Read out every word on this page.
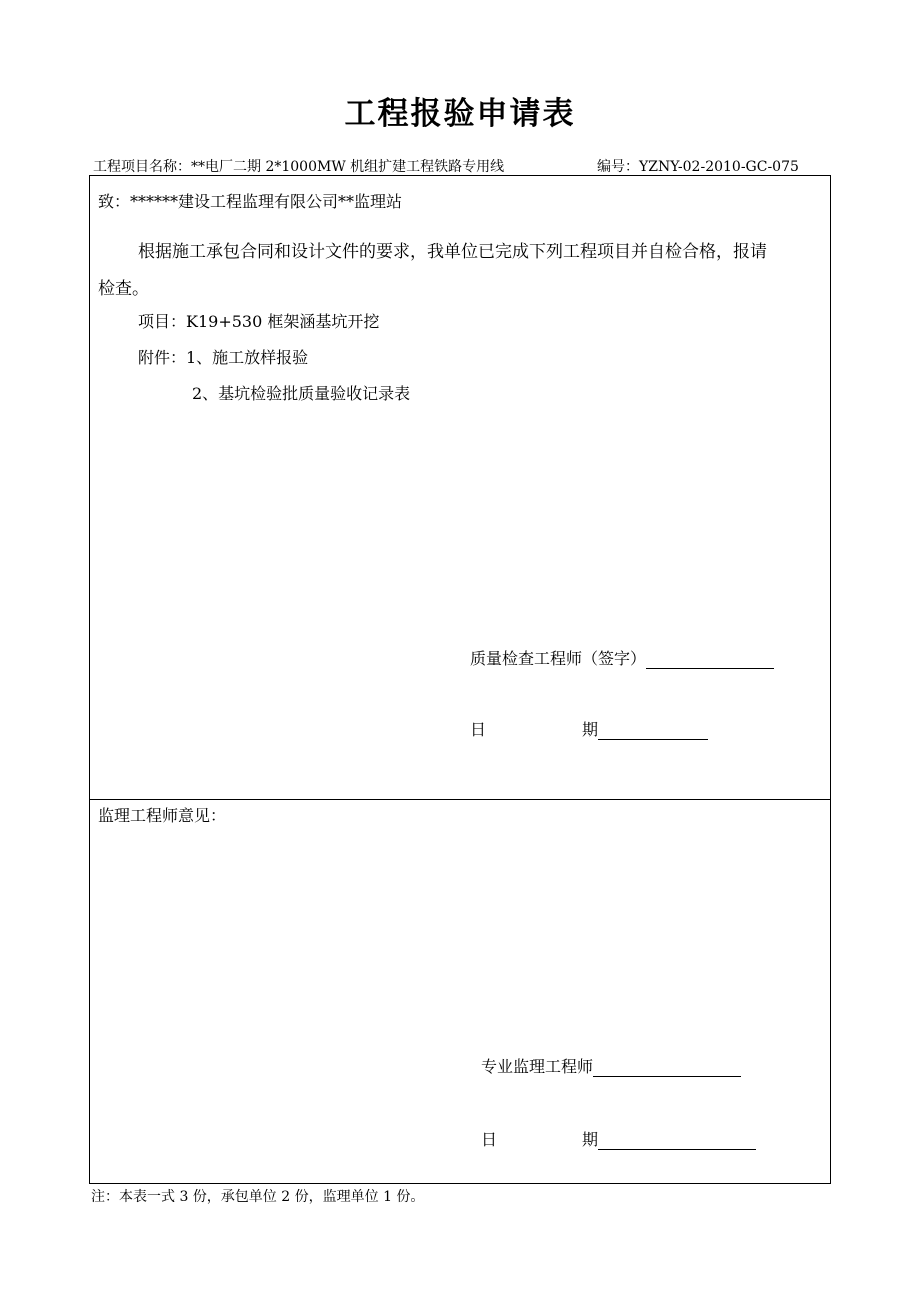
工程报验申请表
工程项目名称：**电厂二期 2*1000MW 机组扩建工程铁路专用线	编号：YZNY-02-2010-GC-075
致：******建设工程监理有限公司**监理站
根据施工承包合同和设计文件的要求，我单位已完成下列工程项目并自检合格，报请
检查。
项目：K19+530 框架涵基坑开挖
附件：1、施工放样报验
2、基坑检验批质量验收记录表
质量检查工程师（签字）
日	期
监理工程师意见：
专业监理工程师
日	期
注：本表一式 3 份，承包单位 2 份，监理单位 1 份。
